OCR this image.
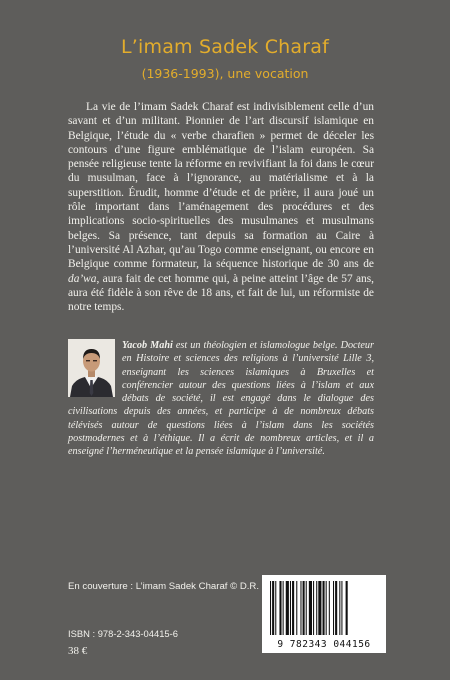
L’imam Sadek Charaf
(1936-1993), une vocation

La vie de l’imam Sadek Charaf est indivisiblement celle d’un savant et d’un militant. Pionnier de l’art discursif islamique en Belgique, l’étude du « verbe charafien » permet de déceler les contours d’une figure emblématique de l’islam européen. Sa pensée religieuse tente la réforme en revivifiant la foi dans le cœur du musulman, face à l’ignorance, au matérialisme et à la superstition. Érudit, homme d’étude et de prière, il aura joué un rôle important dans l’aménagement des procédures et des implications socio-spirituelles des musulmanes et musulmans belges. Sa présence, tant depuis sa formation au Caire à l’université Al Azhar, qu’au Togo comme enseignant, ou encore en Belgique comme formateur, la séquence historique de 30 ans de da’wa, aura fait de cet homme qui, à peine atteint l’âge de 57 ans, aura été fidèle à son rêve de 18 ans, et fait de lui, un réformiste de notre temps.

Yacob Mahi est un théologien et islamologue belge. Docteur en Histoire et sciences des religions à l’université Lille 3, enseignant les sciences islamiques à Bruxelles et conférencier autour des questions liées à l’islam et aux débats de société, il est engagé dans le dialogue des civilisations depuis des années, et participe à de nombreux débats télévisés autour de questions liées à l’islam dans les sociétés postmodernes et à l’éthique. Il a écrit de nombreux articles, et il a enseigné l’herméneutique et la pensée islamique à l’université.

En couverture : L’imam Sadek Charaf © D.R.

ISBN : 978-2-343-04415-6

38 €

9 782343 044156
